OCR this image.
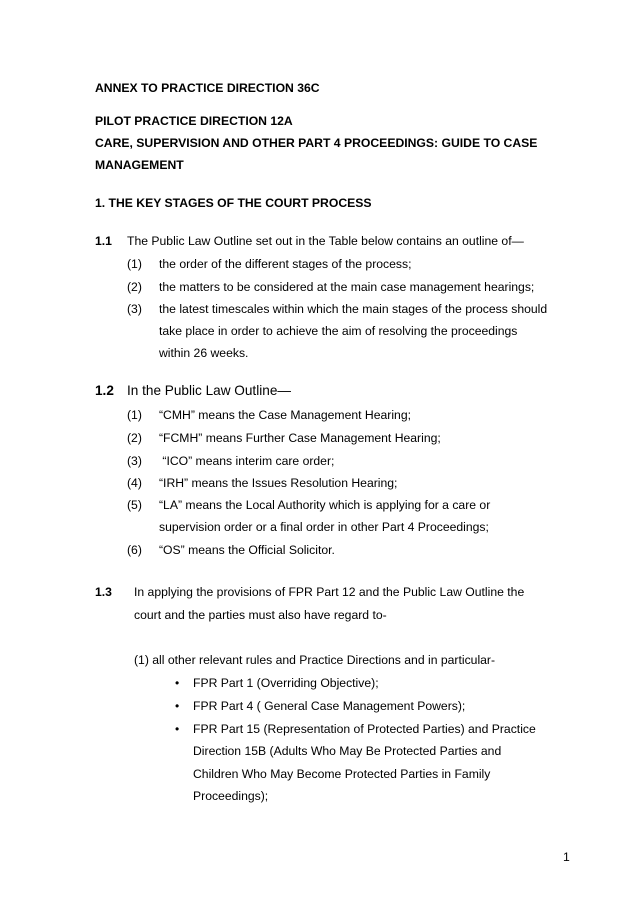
ANNEX TO PRACTICE DIRECTION 36C
PILOT PRACTICE DIRECTION 12A
CARE, SUPERVISION AND OTHER PART 4 PROCEEDINGS: GUIDE TO CASE
MANAGEMENT
1. THE KEY STAGES OF THE COURT PROCESS
1.1 The Public Law Outline set out in the Table below contains an outline of—
(1) the order of the different stages of the process;
(2) the matters to be considered at the main case management hearings;
(3) the latest timescales within which the main stages of the process should
take place in order to achieve the aim of resolving the proceedings
within 26 weeks.
1.2 In the Public Law Outline—
(1) “CMH” means the Case Management Hearing;
(2) “FCMH” means Further Case Management Hearing;
(3) “ICO” means interim care order;
(4) “IRH” means the Issues Resolution Hearing;
(5) “LA” means the Local Authority which is applying for a care or
supervision order or a final order in other Part 4 Proceedings;
(6) “OS” means the Official Solicitor.
1.3 In applying the provisions of FPR Part 12 and the Public Law Outline the
court and the parties must also have regard to-
(1) all other relevant rules and Practice Directions and in particular-
• FPR Part 1 (Overriding Objective);
• FPR Part 4 ( General Case Management Powers);
• FPR Part 15 (Representation of Protected Parties) and Practice
Direction 15B (Adults Who May Be Protected Parties and
Children Who May Become Protected Parties in Family
Proceedings);
1
